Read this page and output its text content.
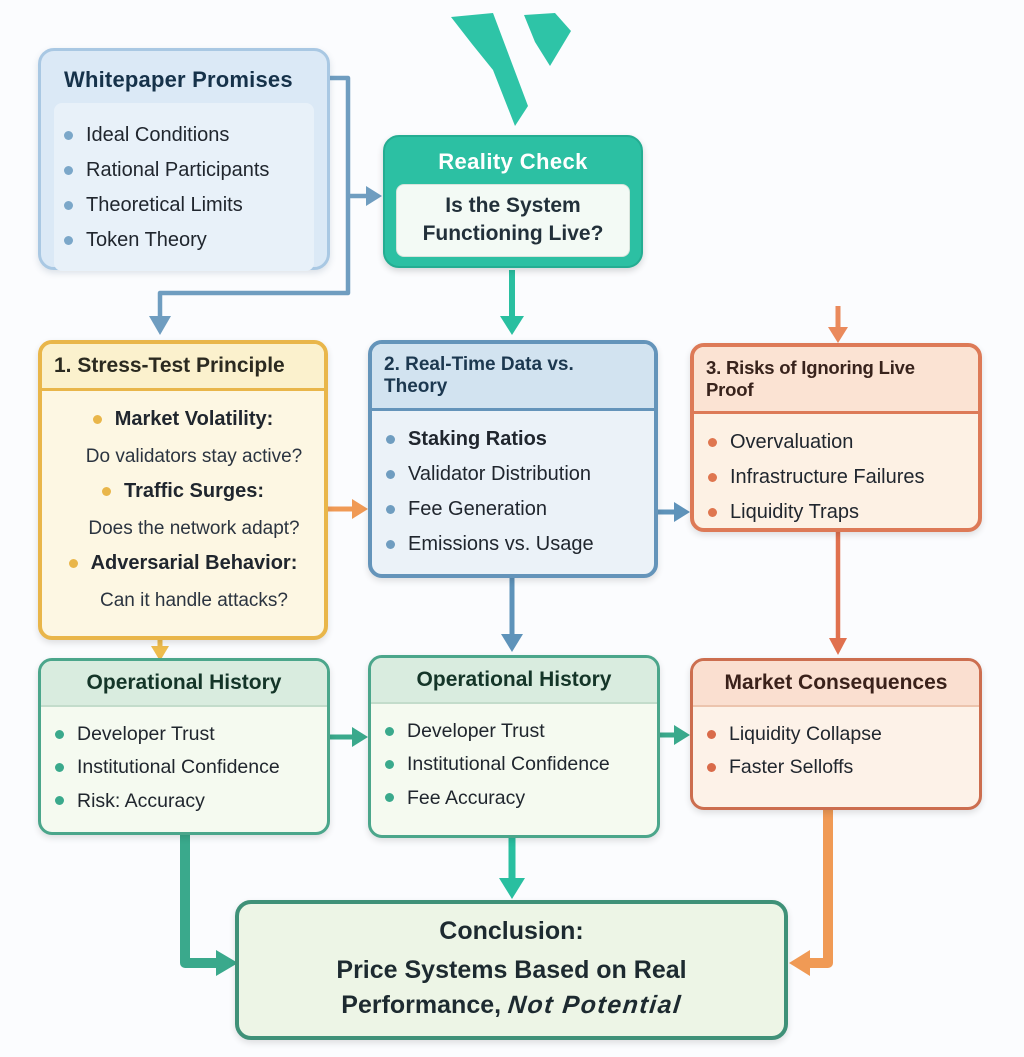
Whitepaper Promises
Ideal Conditions
Rational Participants
Theoretical Limits
Token Theory
Reality Check
Is the System Functioning Live?
1. Stress-Test Principle
Market Volatility:
Do validators stay active?
Traffic Surges:
Does the network adapt?
Adversarial Behavior:
Can it handle attacks?
2. Real-Time Data vs. Theory
Staking Ratios
Validator Distribution
Fee Generation
Emissions vs. Usage
3. Risks of Ignoring Live Proof
Overvaluation
Infrastructure Failures
Liquidity Traps
Operational History
Developer Trust
Institutional Confidence
Risk: Accuracy
Operational History
Developer Trust
Institutional Confidence
Fee Accuracy
Market Consequences
Liquidity Collapse
Faster Selloffs
Conclusion:
Price Systems Based on Real
Performance, Not Potential
